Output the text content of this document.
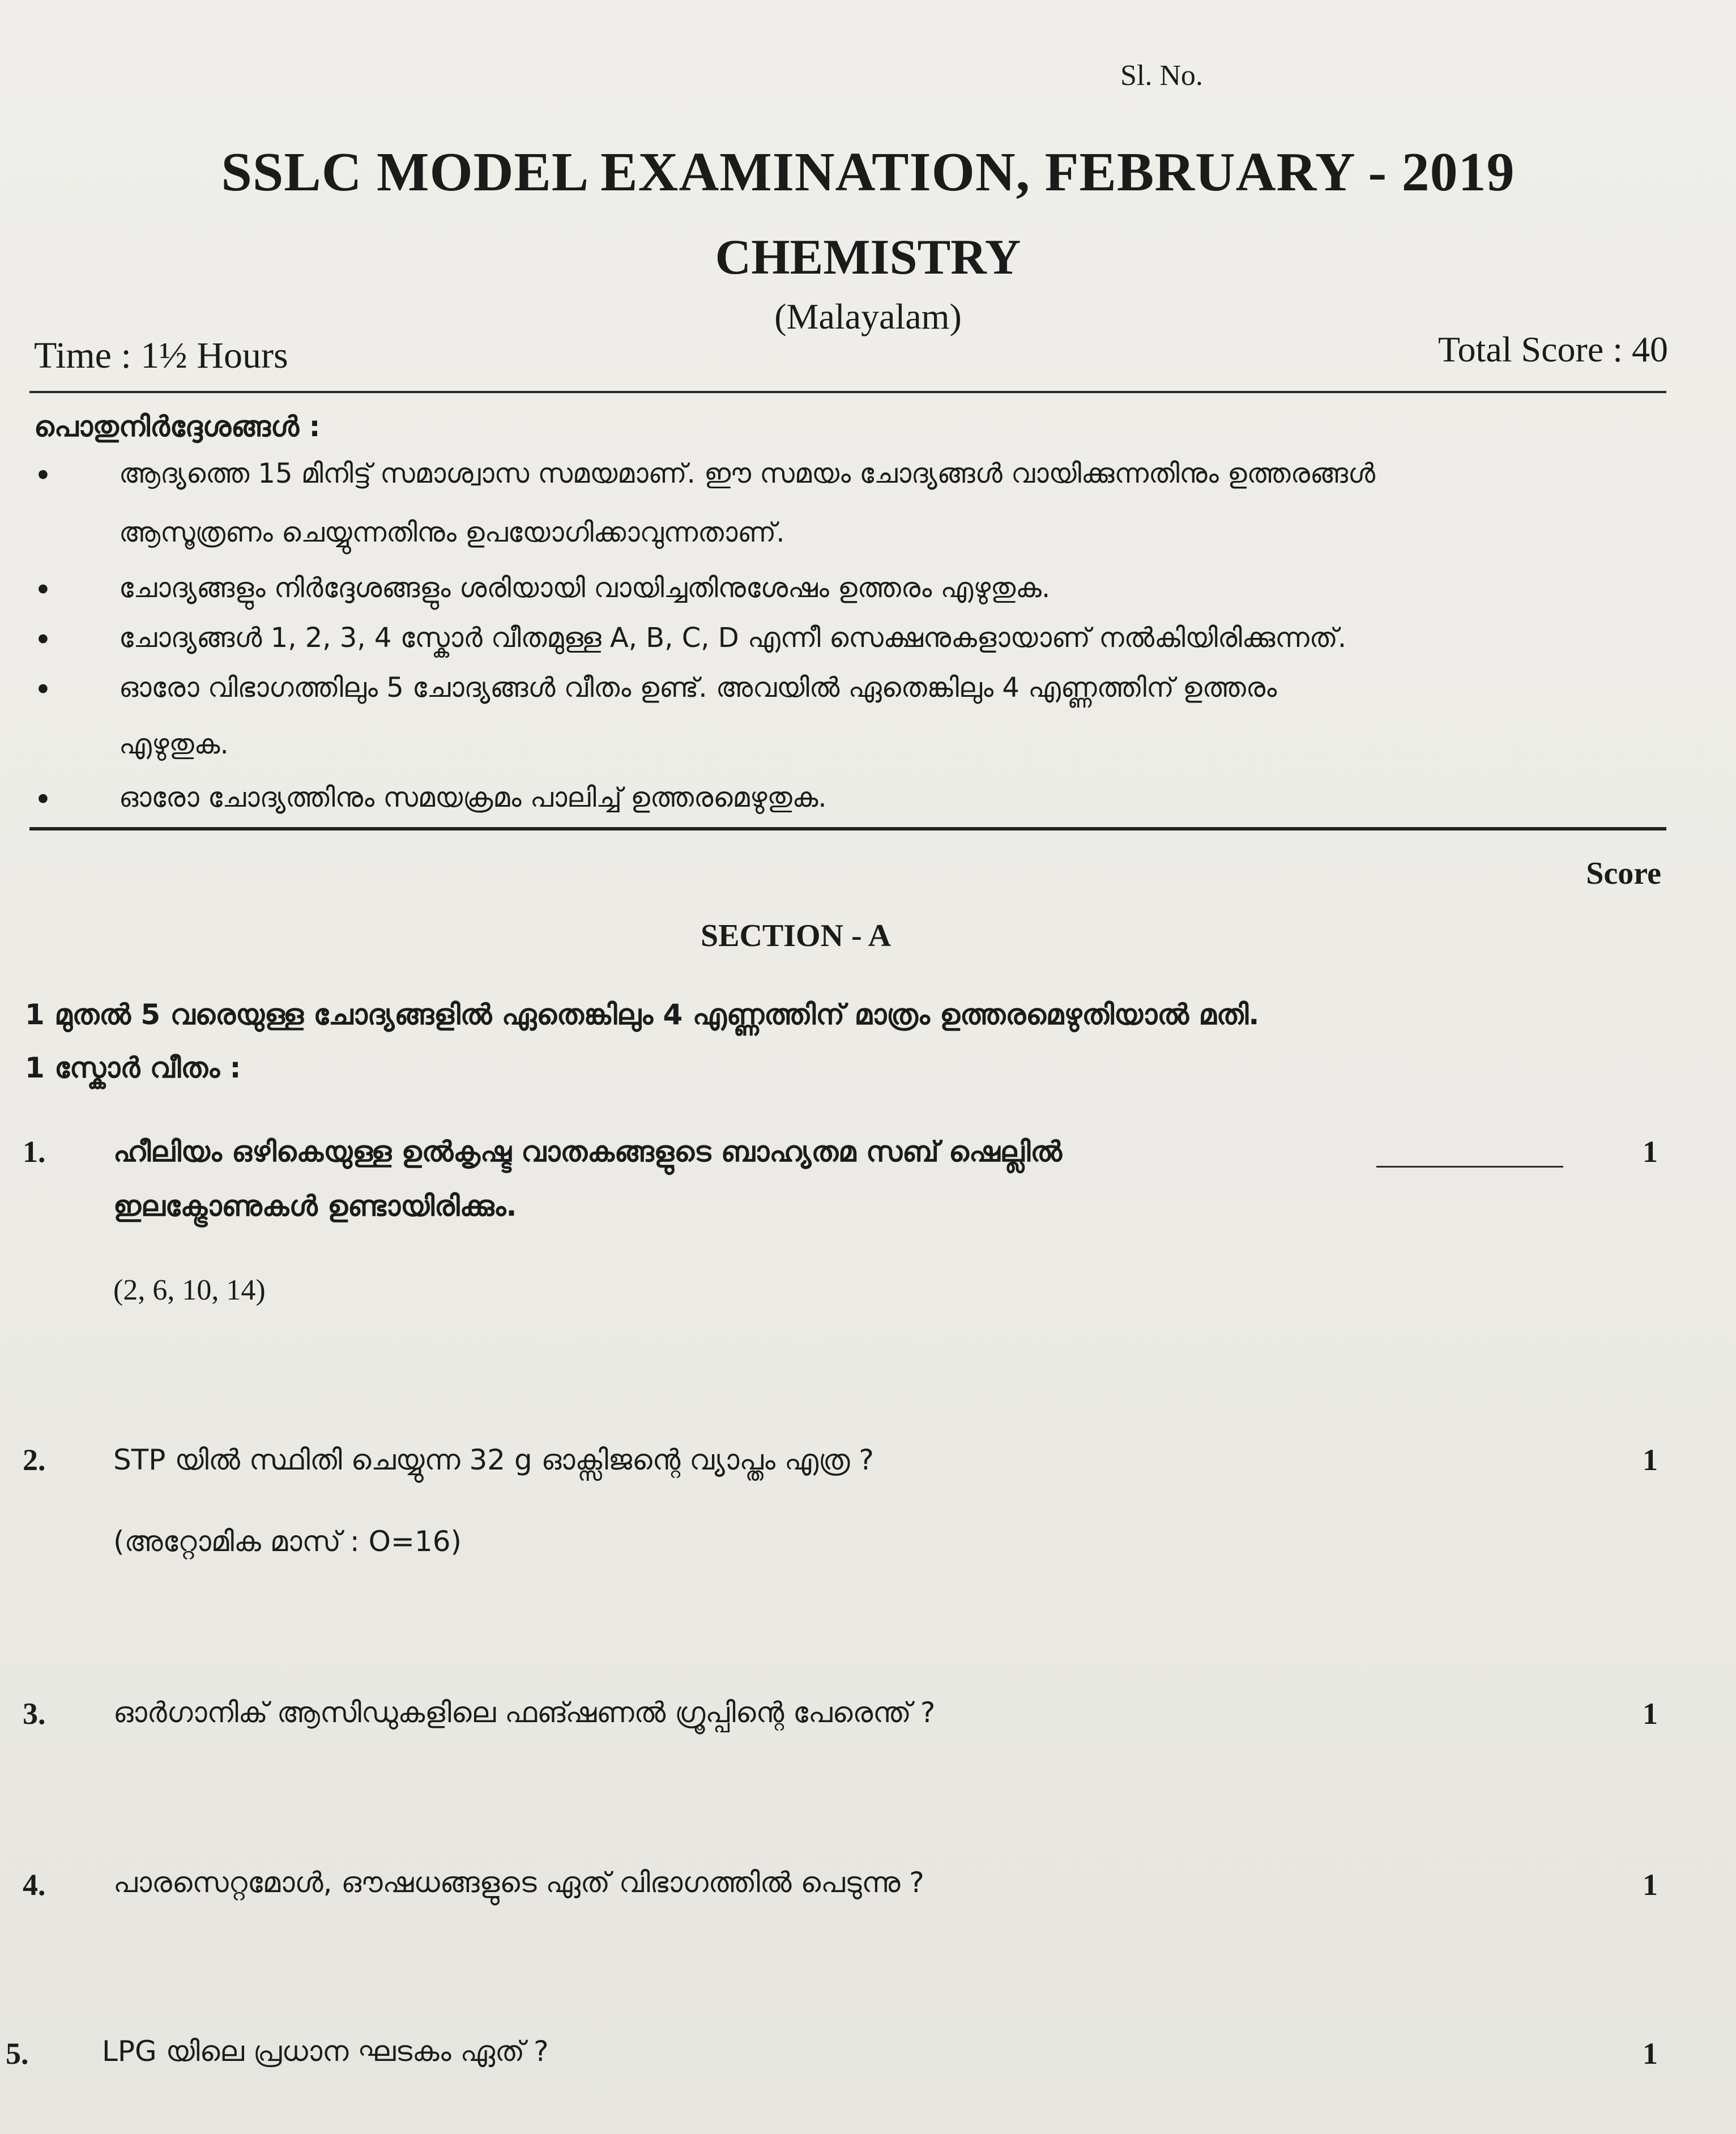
Sl. No.
SSLC MODEL EXAMINATION, FEBRUARY - 2019
CHEMISTRY
(Malayalam)
Time : 1½ Hours	Total Score : 40
പൊതുനിർദ്ദേശങ്ങൾ :
ആദ്യത്തെ 15 മിനിട്ട് സമാശ്വാസ സമയമാണ്. ഈ സമയം ചോദ്യങ്ങൾ വായിക്കുന്നതിനും ഉത്തരങ്ങൾ
ആസൂത്രണം ചെയ്യുന്നതിനും ഉപയോഗിക്കാവുന്നതാണ്.
ചോദ്യങ്ങളും നിർദ്ദേശങ്ങളും ശരിയായി വായിച്ചതിനുശേഷം ഉത്തരം എഴുതുക.
ചോദ്യങ്ങൾ 1, 2, 3, 4 സ്കോർ വീതമുള്ള A, B, C, D എന്നീ സെക്ഷനുകളായാണ് നൽകിയിരിക്കുന്നത്.
ഓരോ വിഭാഗത്തിലും 5 ചോദ്യങ്ങൾ വീതം ഉണ്ട്. അവയിൽ ഏതെങ്കിലും 4 എണ്ണത്തിന് ഉത്തരം
എഴുതുക.
ഓരോ ചോദ്യത്തിനും സമയക്രമം പാലിച്ച് ഉത്തരമെഴുതുക.
Score
SECTION - A
1 മുതൽ 5 വരെയുള്ള ചോദ്യങ്ങളിൽ ഏതെങ്കിലും 4 എണ്ണത്തിന് മാത്രം ഉത്തരമെഴുതിയാൽ മതി.
1 സ്കോർ വീതം :
1. ഹീലിയം ഒഴികെയുള്ള ഉൽകൃഷ്ട വാതകങ്ങളുടെ ബാഹ്യതമ സബ് ഷെല്ലിൽ	1
ഇലക്ട്രോണുകൾ ഉണ്ടായിരിക്കും.
(2, 6, 10, 14)
2. STP യിൽ സ്ഥിതി ചെയ്യുന്ന 32 g ഓക്സിജന്റെ വ്യാപ്തം എത്ര ?	1
(അറ്റോമിക മാസ് : O=16)
3. ഓർഗാനിക് ആസിഡുകളിലെ ഫങ്ഷണൽ ഗ്രൂപ്പിന്റെ പേരെന്ത് ?	1
4. പാരസെറ്റമോൾ, ഔഷധങ്ങളുടെ ഏത് വിഭാഗത്തിൽ പെടുന്നു ?	1
5.	LPG യിലെ പ്രധാന ഘടകം ഏത് ?	1
